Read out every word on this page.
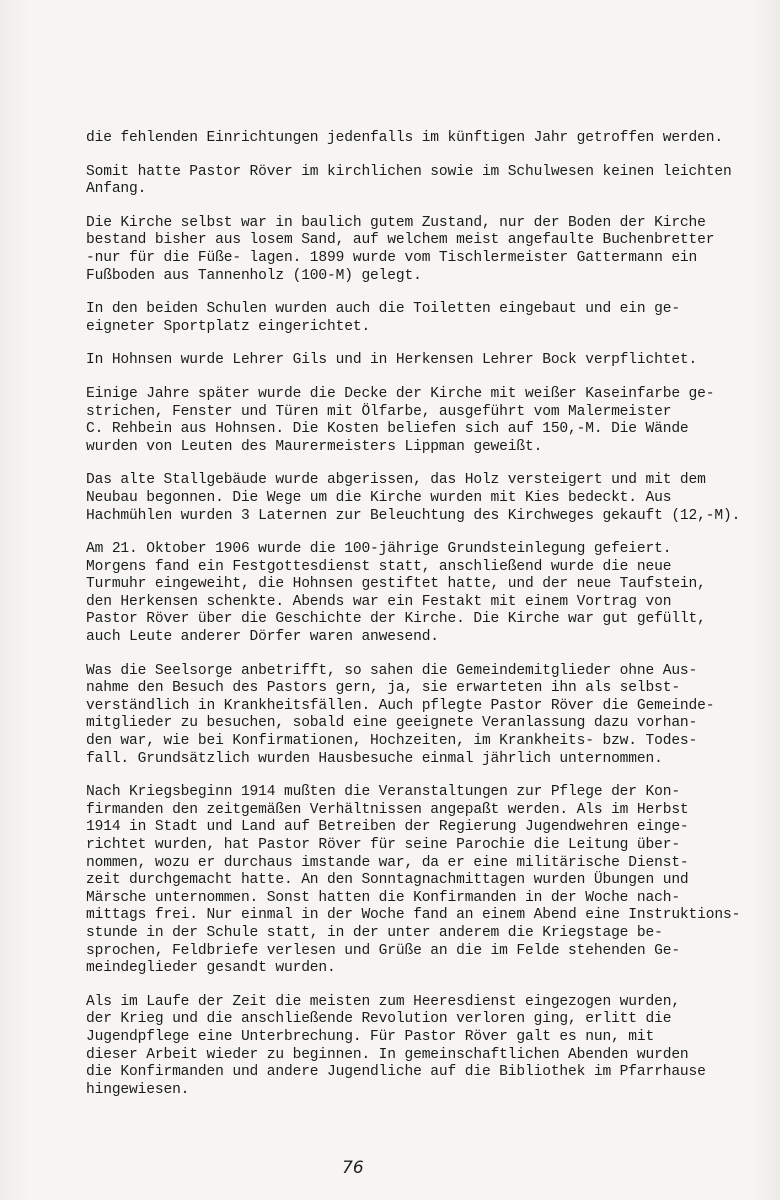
die fehlenden Einrichtungen jedenfalls im künftigen Jahr getroffen werden.

Somit hatte Pastor Röver im kirchlichen sowie im Schulwesen keinen leichten
Anfang.

Die Kirche selbst war in baulich gutem Zustand, nur der Boden der Kirche
bestand bisher aus losem Sand, auf welchem meist angefaulte Buchenbretter
-nur für die Füße- lagen. 1899 wurde vom Tischlermeister Gattermann ein
Fußboden aus Tannenholz (100-M) gelegt.

In den beiden Schulen wurden auch die Toiletten eingebaut und ein ge-
eigneter Sportplatz eingerichtet.

In Hohnsen wurde Lehrer Gils und in Herkensen Lehrer Bock verpflichtet.

Einige Jahre später wurde die Decke der Kirche mit weißer Kaseinfarbe ge-
strichen, Fenster und Türen mit Ölfarbe, ausgeführt vom Malermeister
C. Rehbein aus Hohnsen. Die Kosten beliefen sich auf 150,-M. Die Wände
wurden von Leuten des Maurermeisters Lippman geweißt.

Das alte Stallgebäude wurde abgerissen, das Holz versteigert und mit dem
Neubau begonnen. Die Wege um die Kirche wurden mit Kies bedeckt. Aus
Hachmühlen wurden 3 Laternen zur Beleuchtung des Kirchweges gekauft (12,-M).

Am 21. Oktober 1906 wurde die 100-jährige Grundsteinlegung gefeiert.
Morgens fand ein Festgottesdienst statt, anschließend wurde die neue
Turmuhr eingeweiht, die Hohnsen gestiftet hatte, und der neue Taufstein,
den Herkensen schenkte. Abends war ein Festakt mit einem Vortrag von
Pastor Röver über die Geschichte der Kirche. Die Kirche war gut gefüllt,
auch Leute anderer Dörfer waren anwesend.

Was die Seelsorge anbetrifft, so sahen die Gemeindemitglieder ohne Aus-
nahme den Besuch des Pastors gern, ja, sie erwarteten ihn als selbst-
verständlich in Krankheitsfällen. Auch pflegte Pastor Röver die Gemeinde-
mitglieder zu besuchen, sobald eine geeignete Veranlassung dazu vorhan-
den war, wie bei Konfirmationen, Hochzeiten, im Krankheits- bzw. Todes-
fall. Grundsätzlich wurden Hausbesuche einmal jährlich unternommen.

Nach Kriegsbeginn 1914 mußten die Veranstaltungen zur Pflege der Kon-
firmanden den zeitgemäßen Verhältnissen angepaßt werden. Als im Herbst
1914 in Stadt und Land auf Betreiben der Regierung Jugendwehren einge-
richtet wurden, hat Pastor Röver für seine Parochie die Leitung über-
nommen, wozu er durchaus imstande war, da er eine militärische Dienst-
zeit durchgemacht hatte. An den Sonntagnachmittagen wurden Übungen und
Märsche unternommen. Sonst hatten die Konfirmanden in der Woche nach-
mittags frei. Nur einmal in der Woche fand an einem Abend eine Instruktions-
stunde in der Schule statt, in der unter anderem die Kriegstage be-
sprochen, Feldbriefe verlesen und Grüße an die im Felde stehenden Ge-
meindeglieder gesandt wurden.

Als im Laufe der Zeit die meisten zum Heeresdienst eingezogen wurden,
der Krieg und die anschließende Revolution verloren ging, erlitt die
Jugendpflege eine Unterbrechung. Für Pastor Röver galt es nun, mit
dieser Arbeit wieder zu beginnen. In gemeinschaftlichen Abenden wurden
die Konfirmanden und andere Jugendliche auf die Bibliothek im Pfarrhause
hingewiesen.

76
